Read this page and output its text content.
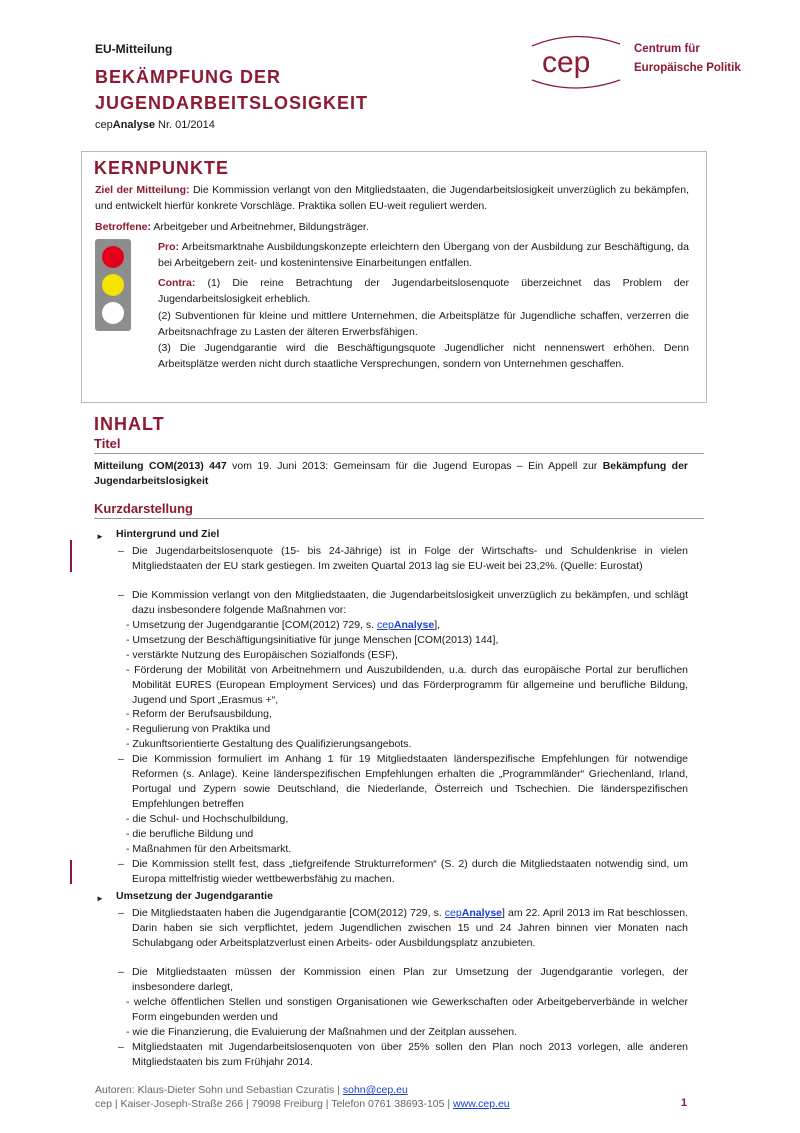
EU-Mitteilung
BEKÄMPFUNG DER
JUGENDARBEITSLOSIGKEIT
cepAnalyse Nr. 01/2014
cep	Centrum für
Europäische Politik
KERNPUNKTE
Ziel der Mitteilung: Die Kommission verlangt von den Mitgliedstaaten, die Jugendarbeitslosigkeit unverzüglich zu bekämpfen, und entwickelt hierfür konkrete Vorschläge. Praktika sollen EU-weit reguliert werden.
Betroffene: Arbeitgeber und Arbeitnehmer, Bildungsträger.
Pro: Arbeitsmarktnahe Ausbildungskonzepte erleichtern den Übergang von der Ausbildung zur Beschäftigung, da bei Arbeitgebern zeit- und kostenintensive Einarbeitungen entfallen.
Contra: (1) Die reine Betrachtung der Jugendarbeitslosenquote überzeichnet das Problem der Jugendarbeitslosigkeit erheblich.
(2) Subventionen für kleine und mittlere Unternehmen, die Arbeitsplätze für Jugendliche schaffen, verzerren die Arbeitsnachfrage zu Lasten der älteren Erwerbsfähigen.
(3) Die Jugendgarantie wird die Beschäftigungsquote Jugendlicher nicht nennenswert erhöhen. Denn Arbeitsplätze werden nicht durch staatliche Versprechungen, sondern von Unternehmen geschaffen.
INHALT
Titel
Mitteilung COM(2013) 447 vom 19. Juni 2013: Gemeinsam für die Jugend Europas – Ein Appell zur Bekämpfung der Jugendarbeitslosigkeit
Kurzdarstellung
► Hintergrund und Ziel
– Die Jugendarbeitslosenquote (15- bis 24-Jährige) ist in Folge der Wirtschafts- und Schuldenkrise in vielen Mitgliedstaaten der EU stark gestiegen. Im zweiten Quartal 2013 lag sie EU-weit bei 23,2%. (Quelle: Eurostat)
– Die Kommission verlangt von den Mitgliedstaaten, die Jugendarbeitslosigkeit unverzüglich zu bekämpfen, und schlägt dazu insbesondere folgende Maßnahmen vor:
- Umsetzung der Jugendgarantie [COM(2012) 729, s. cepAnalyse],
- Umsetzung der Beschäftigungsinitiative für junge Menschen [COM(2013) 144],
- verstärkte Nutzung des Europäischen Sozialfonds (ESF),
- Förderung der Mobilität von Arbeitnehmern und Auszubildenden, u.a. durch das europäische Portal zur beruflichen Mobilität EURES (European Employment Services) und das Förderprogramm für allgemeine und berufliche Bildung, Jugend und Sport „Erasmus +“,
- Reform der Berufsausbildung,
- Regulierung von Praktika und
- Zukunftsorientierte Gestaltung des Qualifizierungsangebots.
– Die Kommission formuliert im Anhang 1 für 19 Mitgliedstaaten länderspezifische Empfehlungen für notwendige Reformen (s. Anlage). Keine länderspezifischen Empfehlungen erhalten die „Programmländer“ Griechenland, Irland, Portugal und Zypern sowie Deutschland, die Niederlande, Österreich und Tschechien. Die länderspezifischen Empfehlungen betreffen
- die Schul- und Hochschulbildung,
- die berufliche Bildung und
- Maßnahmen für den Arbeitsmarkt.
– Die Kommission stellt fest, dass „tiefgreifende Strukturreformen“ (S. 2) durch die Mitgliedstaaten notwendig sind, um Europa mittelfristig wieder wettbewerbsfähig zu machen.
► Umsetzung der Jugendgarantie
– Die Mitgliedstaaten haben die Jugendgarantie [COM(2012) 729, s. cepAnalyse] am 22. April 2013 im Rat beschlossen. Darin haben sie sich verpflichtet, jedem Jugendlichen zwischen 15 und 24 Jahren binnen vier Monaten nach Schulabgang oder Arbeitsplatzverlust einen Arbeits- oder Ausbildungsplatz anzubieten.
– Die Mitgliedstaaten müssen der Kommission einen Plan zur Umsetzung der Jugendgarantie vorlegen, der insbesondere darlegt,
- welche öffentlichen Stellen und sonstigen Organisationen wie Gewerkschaften oder Arbeitgeberverbände in welcher Form eingebunden werden und
- wie die Finanzierung, die Evaluierung der Maßnahmen und der Zeitplan aussehen.
– Mitgliedstaaten mit Jugendarbeitslosenquoten von über 25% sollen den Plan noch 2013 vorlegen, alle anderen Mitgliedstaaten bis zum Frühjahr 2014.
Autoren: Klaus-Dieter Sohn und Sebastian Czuratis | sohn@cep.eu
cep | Kaiser-Joseph-Straße 266 | 79098 Freiburg | Telefon 0761 38693-105 | www.cep.eu	1
